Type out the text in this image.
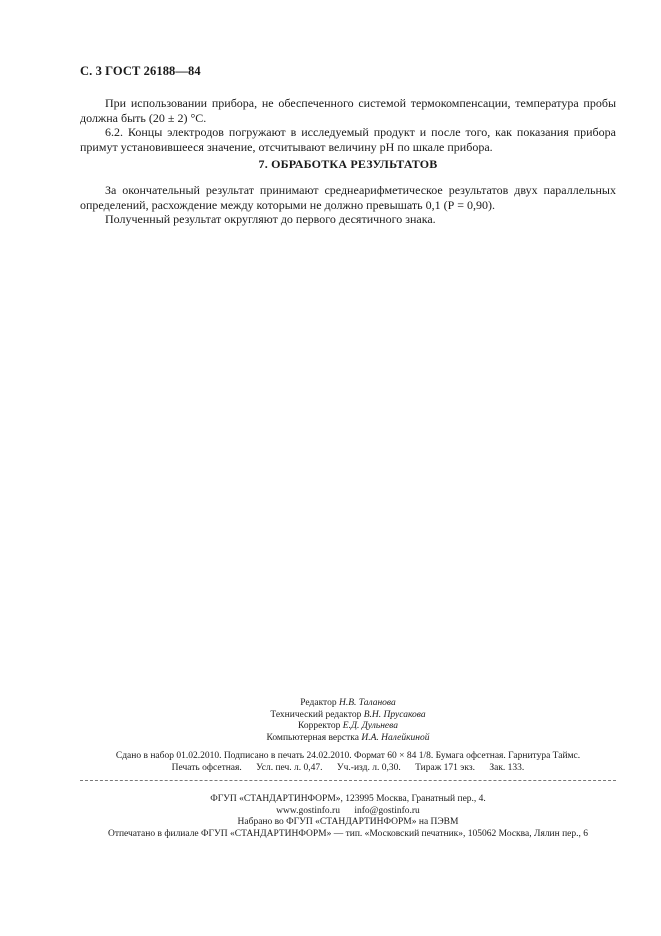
С. 3 ГОСТ 26188—84

При использовании прибора, не обеспеченного системой термокомпенсации, температура пробы должна быть (20 ± 2) °С.

6.2. Концы электродов погружают в исследуемый продукт и после того, как показания прибора примут установившееся значение, отсчитывают величину рН по шкале прибора.

7. ОБРАБОТКА РЕЗУЛЬТАТОВ

За окончательный результат принимают среднеарифметическое результатов двух параллельных определений, расхождение между которыми не должно превышать 0,1 (Р = 0,90).

Полученный результат округляют до первого десятичного знака.

Редактор Н.В. Таланова
Технический редактор В.Н. Прусакова
Корректор Е.Д. Дульнева
Компьютерная верстка И.А. Налейкиной
Сдано в набор 01.02.2010. Подписано в печать 24.02.2010. Формат 60 × 84 1/8. Бумага офсетная. Гарнитура Таймс.
Печать офсетная. Усл. печ. л. 0,47. Уч.-изд. л. 0,30. Тираж 171 экз. Зак. 133.
ФГУП «СТАНДАРТИНФОРМ», 123995 Москва, Гранатный пер., 4.
www.gostinfo.ru info@gostinfo.ru
Набрано во ФГУП «СТАНДАРТИНФОРМ» на ПЭВМ
Отпечатано в филиале ФГУП «СТАНДАРТИНФОРМ» — тип. «Московский печатник», 105062 Москва, Лялин пер., 6
